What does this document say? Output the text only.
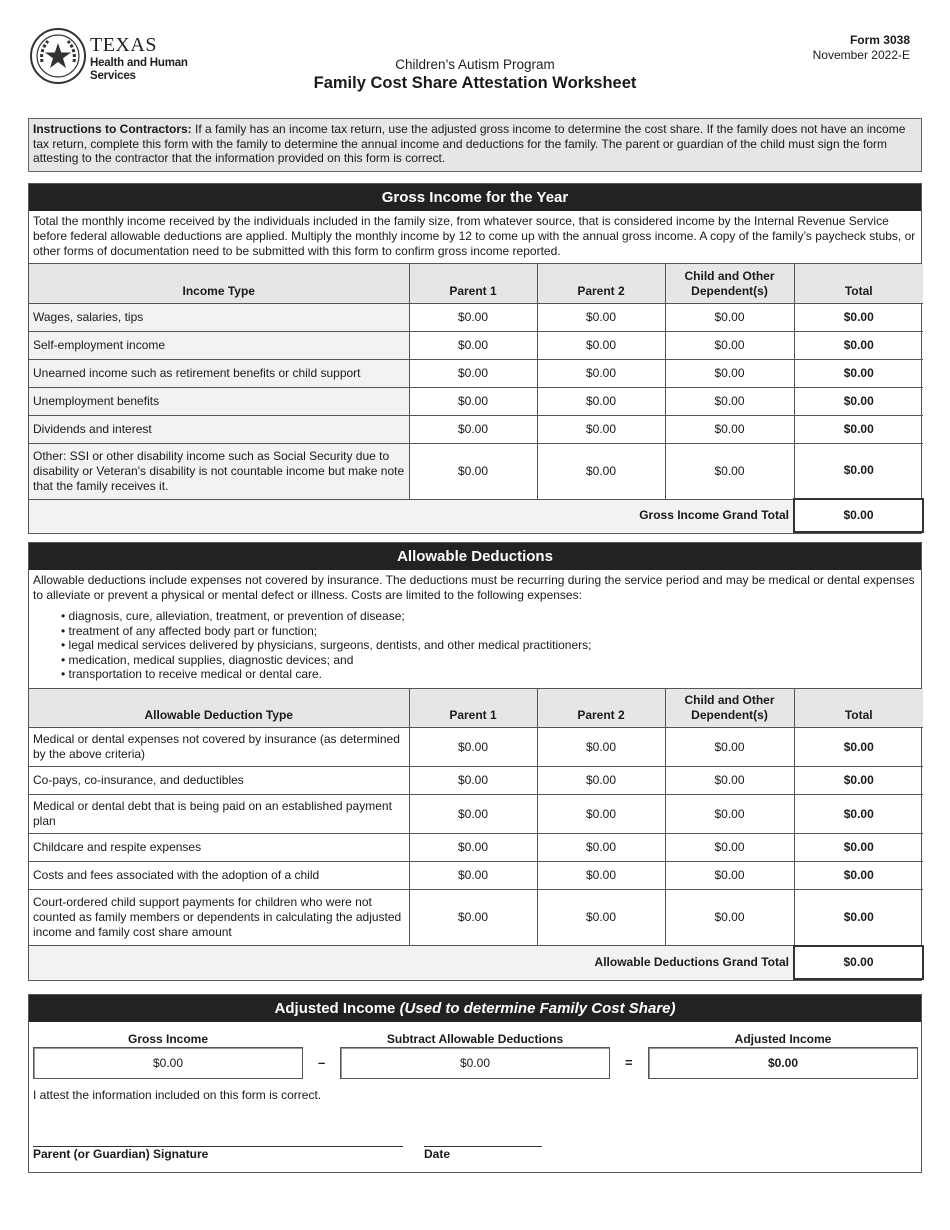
TEXAS
Health and Human
Services
Children’s Autism Program
Family Cost Share Attestation Worksheet
Form 3038
November 2022-E
Instructions to Contractors: If a family has an income tax return, use the adjusted gross income to determine the cost share. If the family does not have an income tax return, complete this form with the family to determine the annual income and deductions for the family. The parent or guardian of the child must sign the form attesting to the contractor that the information provided on this form is correct.
Gross Income for the Year
Total the monthly income received by the individuals included in the family size, from whatever source, that is considered income by the Internal Revenue Service before federal allowable deductions are applied. Multiply the monthly income by 12 to come up with the annual gross income. A copy of the family’s paycheck stubs, or other forms of documentation need to be submitted with this form to confirm gross income reported.
Income Type	Parent 1	Parent 2	Child and Other Dependent(s)	Total
Wages, salaries, tips	$0.00	$0.00	$0.00	$0.00
Self-employment income	$0.00	$0.00	$0.00	$0.00
Unearned income such as retirement benefits or child support	$0.00	$0.00	$0.00	$0.00
Unemployment benefits	$0.00	$0.00	$0.00	$0.00
Dividends and interest	$0.00	$0.00	$0.00	$0.00
Other: SSI or other disability income such as Social Security due to disability or Veteran's disability is not countable income but make note that the family receives it.	$0.00	$0.00	$0.00	$0.00
Gross Income Grand Total				$0.00
Allowable Deductions
Allowable deductions include expenses not covered by insurance. The deductions must be recurring during the service period and may be medical or dental expenses to alleviate or prevent a physical or mental defect or illness. Costs are limited to the following expenses:
• diagnosis, cure, alleviation, treatment, or prevention of disease;
• treatment of any affected body part or function;
• legal medical services delivered by physicians, surgeons, dentists, and other medical practitioners;
• medication, medical supplies, diagnostic devices; and
• transportation to receive medical or dental care.
Allowable Deduction Type	Parent 1	Parent 2	Child and Other Dependent(s)	Total
Medical or dental expenses not covered by insurance (as determined by the above criteria)	$0.00	$0.00	$0.00	$0.00
Co-pays, co-insurance, and deductibles	$0.00	$0.00	$0.00	$0.00
Medical or dental debt that is being paid on an established payment plan	$0.00	$0.00	$0.00	$0.00
Childcare and respite expenses	$0.00	$0.00	$0.00	$0.00
Costs and fees associated with the adoption of a child	$0.00	$0.00	$0.00	$0.00
Court-ordered child support payments for children who were not counted as family members or dependents in calculating the adjusted income and family cost share amount	$0.00	$0.00	$0.00	$0.00
Allowable Deductions Grand Total				$0.00
Adjusted Income (Used to determine Family Cost Share)
Gross Income
$0.00	–
Subtract Allowable Deductions
$0.00	=
Adjusted Income
$0.00
I attest the information included on this form is correct.
Parent (or Guardian) Signature	Date
